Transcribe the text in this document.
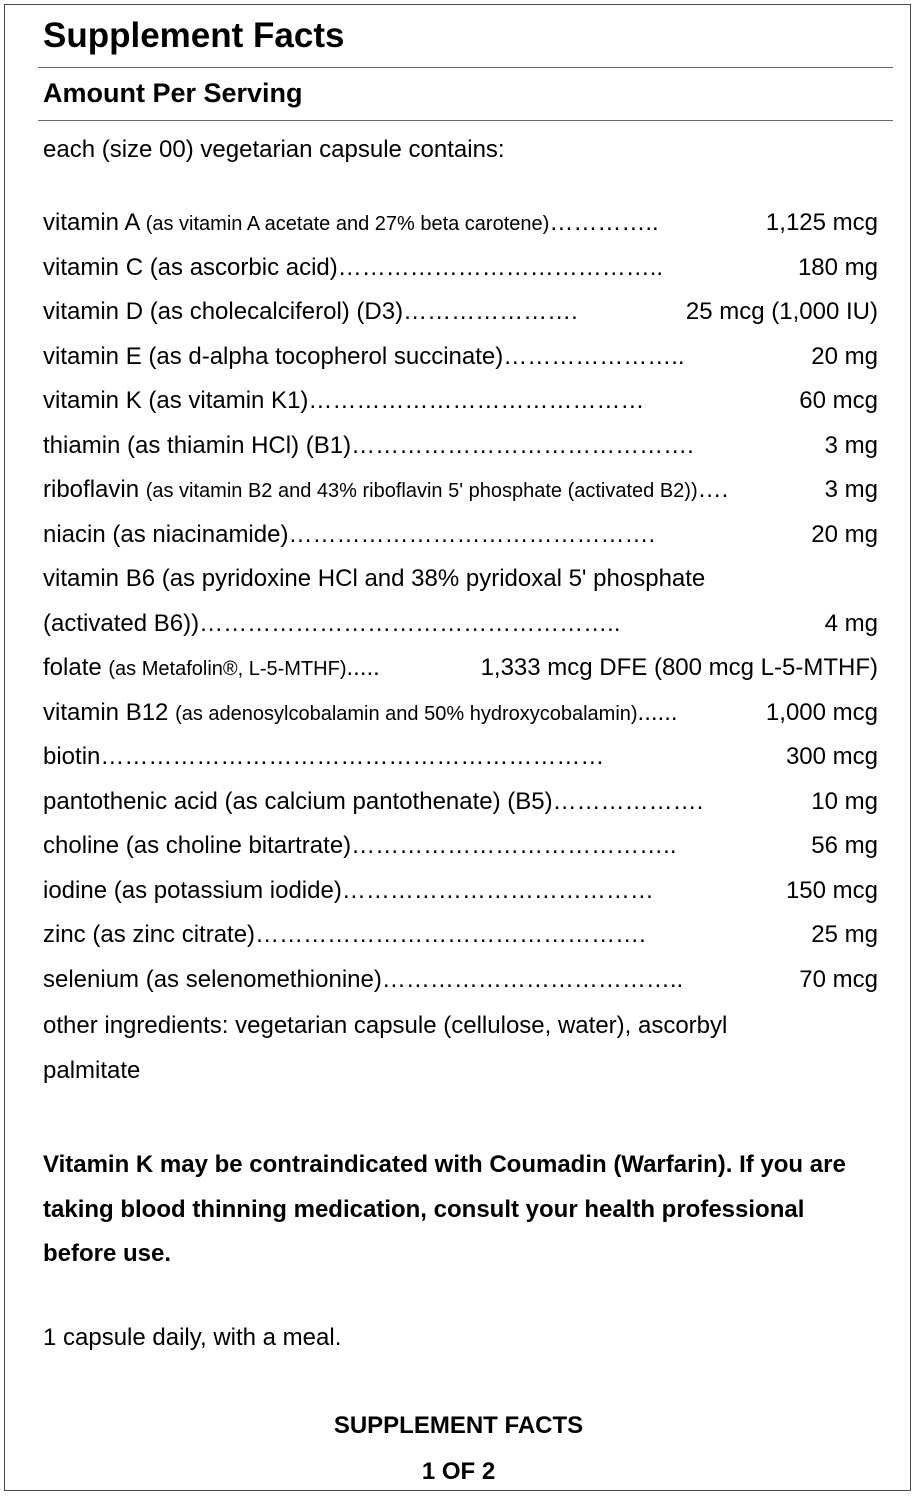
Supplement Facts
Amount Per Serving
each (size 00) vegetarian capsule contains:
vitamin A (as vitamin A acetate and 27% beta carotene)…………..	1,125 mcg
vitamin C (as ascorbic acid)…………………………………..	180 mg
vitamin D (as cholecalciferol) (D3)………………….	25 mcg (1,000 IU)
vitamin E (as d-alpha tocopherol succinate)…………………..	20 mg
vitamin K (as vitamin K1)……………………………………	60 mcg
thiamin (as thiamin HCl) (B1)…………………………………….	3 mg
riboflavin (as vitamin B2 and 43% riboflavin 5' phosphate (activated B2))….	3 mg
niacin (as niacinamide)……………………………………….	20 mg
vitamin B6 (as pyridoxine HCl and 38% pyridoxal 5' phosphate
(activated B6))……………………………………………..	4 mg
folate (as Metafolin®, L-5-MTHF).....	1,333 mcg DFE (800 mcg L-5-MTHF)
vitamin B12 (as adenosylcobalamin and 50% hydroxycobalamin)......	1,000 mcg
biotin………………………………………………………	300 mcg
pantothenic acid (as calcium pantothenate) (B5)……………….	10 mg
choline (as choline bitartrate)…………………………………..	56 mg
iodine (as potassium iodide)…………………………………	150 mcg
zinc (as zinc citrate)………………………………………….	25 mg
selenium (as selenomethionine)………………………………..	70 mcg
other ingredients: vegetarian capsule (cellulose, water), ascorbyl
palmitate
Vitamin K may be contraindicated with Coumadin (Warfarin). If you are taking blood thinning medication, consult your health professional before use.
1 capsule daily, with a meal.
SUPPLEMENT FACTS
1 OF 2
